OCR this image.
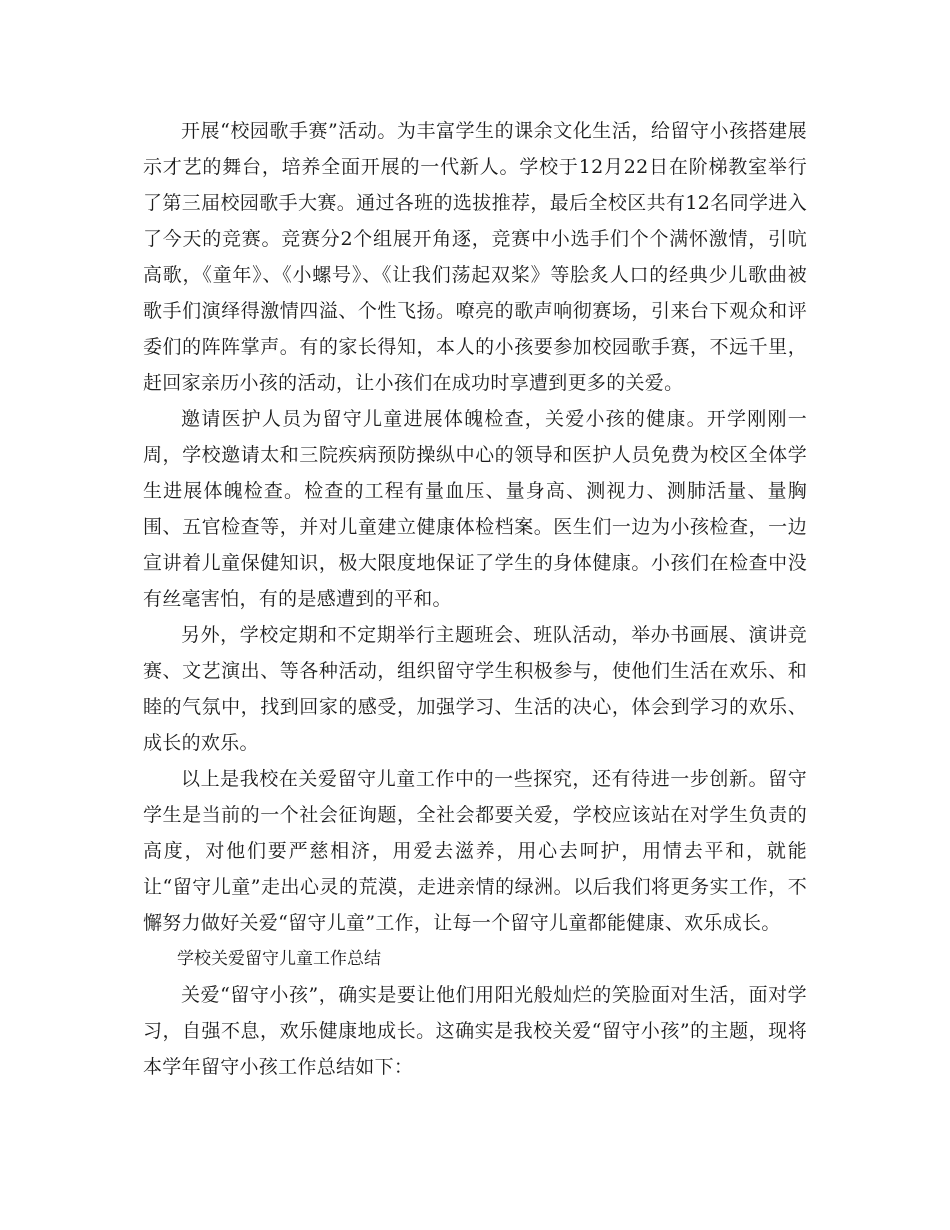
开展“校园歌手赛”活动。为丰富学生的课余文化生活，给留守小孩搭建展示才艺的舞台，培养全面开展的一代新人。学校于12月22日在阶梯教室举行了第三届校园歌手大赛。通过各班的选拔推荐，最后全校区共有12名同学进入了今天的竞赛。竞赛分2个组展开角逐，竞赛中小选手们个个满怀激情，引吭高歌，《童年》、《小螺号》、《让我们荡起双桨》等脍炙人口的经典少儿歌曲被歌手们演绎得激情四溢、个性飞扬。嘹亮的歌声响彻赛场，引来台下观众和评委们的阵阵掌声。有的家长得知，本人的小孩要参加校园歌手赛，不远千里，赶回家亲历小孩的活动，让小孩们在成功时享遭到更多的关爱。

邀请医护人员为留守儿童进展体魄检查，关爱小孩的健康。开学刚刚一周，学校邀请太和三院疾病预防操纵中心的领导和医护人员免费为校区全体学生进展体魄检查。检查的工程有量血压、量身高、测视力、测肺活量、量胸围、五官检查等，并对儿童建立健康体检档案。医生们一边为小孩检查，一边宣讲着儿童保健知识，极大限度地保证了学生的身体健康。小孩们在检查中没有丝毫害怕，有的是感遭到的平和。

另外，学校定期和不定期举行主题班会、班队活动，举办书画展、演讲竞赛、文艺演出、等各种活动，组织留守学生积极参与，使他们生活在欢乐、和睦的气氛中，找到回家的感受，加强学习、生活的决心，体会到学习的欢乐、成长的欢乐。

以上是我校在关爱留守儿童工作中的一些探究，还有待进一步创新。留守学生是当前的一个社会征询题，全社会都要关爱，学校应该站在对学生负责的高度，对他们要严慈相济，用爱去滋养，用心去呵护，用情去平和，就能让“留守儿童”走出心灵的荒漠，走进亲情的绿洲。以后我们将更务实工作，不懈努力做好关爱“留守儿童”工作，让每一个留守儿童都能健康、欢乐成长。

学校关爱留守儿童工作总结

关爱“留守小孩”，确实是要让他们用阳光般灿烂的笑脸面对生活，面对学习，自强不息，欢乐健康地成长。这确实是我校关爱“留守小孩”的主题，现将本学年留守小孩工作总结如下：
